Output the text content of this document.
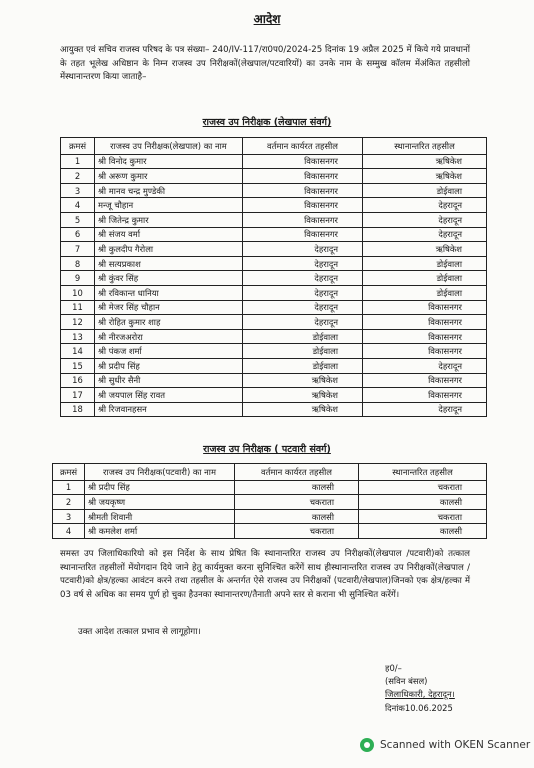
आदेश
आयुक्त एवं सचिव राजस्व परिषद के पत्र संख्या– 240/IV-117/रा0प0/2024-25 दिनांक 19 अप्रैल 2025 में किये गये प्रावधानों के तहत भूलेख अधिष्ठान के निम्न राजस्व उप निरीक्षकों(लेखपाल/पटवारियों) का उनके नाम के सम्मुख कॉलम मेंअंकित तहसीलो मेंस्थानान्तरण किया जाताहै–
राजस्व उप निरीक्षक (लेखपाल संवर्ग)
क्रमसं	राजस्व उप निरीक्षक(लेखपाल) का नाम	वर्तमान कार्यरत तहसील	स्थानान्तरित तहसील
1	श्री विनोद कुमार	विकासनगर	ऋषिकेश
2	श्री अरूण कुमार	विकासनगर	ऋषिकेश
3	श्री मानव चन्द्र मुण्डेकी	विकासनगर	डोईवाला
4	मन्जू चौहान	विकासनगर	देहरादून
5	श्री जितेन्द्र कुमार	विकासनगर	देहरादून
6	श्री संजय वर्मा	विकासनगर	देहरादून
7	श्री कुलदीप गैरोला	देहरादून	ऋषिकेश
8	श्री सत्यप्रकाश	देहरादून	डोईवाला
9	श्री कुंवर सिंह	देहरादून	डोईवाला
10	श्री रविकान्त धानिया	देहरादून	डोईवाला
11	श्री मेजर सिंह चौहान	देहरादून	विकासनगर
12	श्री रोहित कुमार शाह	देहरादून	विकासनगर
13	श्री नीरजअरोरा	डोईवाला	विकासनगर
14	श्री पंकज शर्मा	डोईवाला	विकासनगर
15	श्री प्रदीप सिंह	डोईवाला	देहरादून
16	श्री सुधीर सैनी	ऋषिकेश	विकासनगर
17	श्री जयपाल सिंह रावत	ऋषिकेश	विकासनगर
18	श्री रिजवानहसन	ऋषिकेश	देहरादून
राजस्व उप निरीक्षक ( पटवारी संवर्ग)
क्रमसं	राजस्व उप निरीक्षक(पटवारी) का नाम	वर्तमान कार्यरत तहसील	स्थानान्तरित तहसील
1	श्री प्रदीप सिंह	कालसी	चकराता
2	श्री जयकृष्ण	चकराता	कालसी
3	श्रीमती शिवानी	कालसी	चकराता
4	श्री कमलेश शर्मा	चकराता	कालसी
समस्त उप जिलाधिकारियो को इस निर्देश के साथ प्रेषित कि स्थानान्तरित राजस्व उप निरीक्षकों(लेखपाल /पटवारी)को तत्काल स्थानान्तरित तहसीलों मेंयोगदान दिये जाने हेतु कार्यमुक्त करना सुनिश्चित करेंगें साथ हीस्थानान्तरित राजस्व उप निरीक्षकों(लेखपाल /पटवारी)को क्षेत्र/हल्का आवंटन करने तथा तहसील के अन्तर्गत ऐसे राजस्व उप निरीक्षकों (पटवारी/लेखपाल)जिनको एक क्षेत्र/हल्का में 03 वर्ष से अधिक का समय पूर्ण हो चुका हैउनका स्थानान्तरण/तैनाती अपने स्तर से कराना भी सुनिश्चित करेंगें।
उक्त आदेश तत्काल प्रभाव से लागूहोगा।
ह0/–
(सविन बंसल)
जिलाधिकारी, देहरादून।
दिनांक10.06.2025
Scanned with OKEN Scanner
